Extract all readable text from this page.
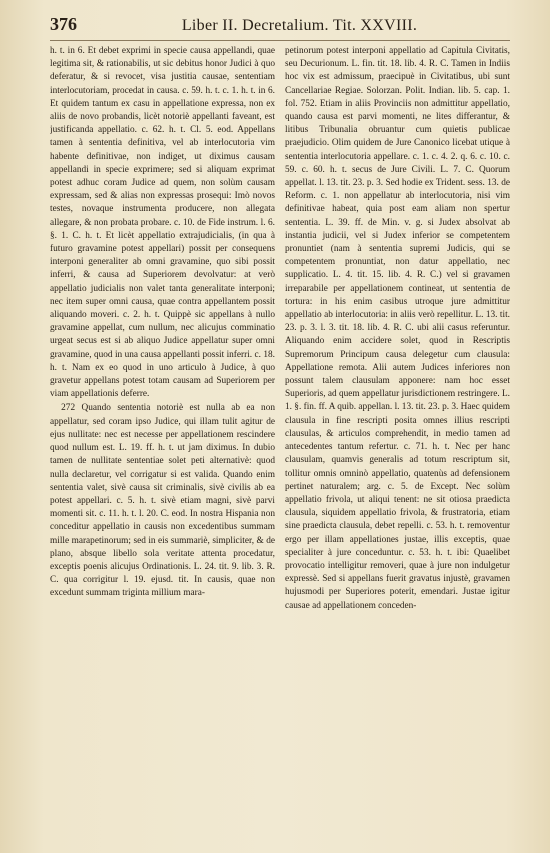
376	Liber II. Decretalium. Tit. XXVIII.

h. t. in 6. Et debet exprimi in specie causa appellandi, quae legitima sit, & rationabilis, ut sic debitus honor Judici à quo deferatur, & si revocet, visa justitia causae, sententiam interlocutoriam, procedat in causa. c. 59. h. t. c. 1. h. t. in 6. Et quidem tantum ex casu in appellatione expressa, non ex aliis de novo probandis, licèt notoriè appellanti faveant, est justificanda appellatio. c. 62. h. t. Cl. 5. eod. Appellans tamen à sententia definitiva, vel ab interlocutoria vim habente definitivae, non indiget, ut diximus causam appellandi in specie exprimere; sed si aliquam exprimat potest adhuc coram Judice ad quem, non solùm causam expressam, sed & alias non expressas prosequi: Imò novos testes, novaque instrumenta producere, non allegata allegare, & non probata probare. c. 10. de Fide instrum. l. 6. §. 1. C. h. t. Et licèt appellatio extrajudicialis, (in qua à futuro gravamine potest appellari) possit per consequens interponi generaliter ab omni gravamine, quo sibi possit inferri, & causa ad Superiorem devolvatur: at verò appellatio judicialis non valet tanta generalitate interponi; nec item super omni causa, quae contra appellantem possit aliquando moveri. c. 2. h. t. Quippè sic appellans à nullo gravamine appellat, cum nullum, nec alicujus comminatio urgeat secus est si ab aliquo Judice appellatur super omni gravamine, quod in una causa appellanti possit inferri. c. 18. h. t. Nam ex eo quod in uno articulo à Judice, à quo gravetur appellans potest totam causam ad Superiorem per viam appellationis deferre.

272 Quando sententia notoriè est nulla ab ea non appellatur, sed coram ipso Judice, qui illam tulit agitur de ejus nullitate: nec est necesse per appellationem rescindere quod nullum est. L. 19. ff. h. t. ut jam diximus. In dubio tamen de nullitate sententiae solet peti alternativè: quod nulla declaretur, vel corrigatur si est valida. Quando enim sententia valet, sivè causa sit criminalis, sivè civilis ab ea potest appellari. c. 5. h. t. sivè etiam magni, sivè parvi momenti sit. c. 11. h. t. l. 20. C. eod. In nostra Hispania non conceditur appellatio in causis non excedentibus summam mille marapetinorum; sed in eis summariè, simpliciter, & de plano, absque libello sola veritate attenta procedatur, exceptis poenis alicujus Ordinationis. L. 24. tit. 9. lib. 3. R. C. qua corrigitur l. 19. ejusd. tit. In causis, quae non excedunt summam triginta millium mara-

petinorum potest interponi appellatio ad Capitula Civitatis, seu Decurionum. L. fin. tit. 18. lib. 4. R. C. Tamen in Indiis hoc vix est admissum, praecipuè in Civitatibus, ubi sunt Cancellariae Regiae. Solorzan. Polit. Indian. lib. 5. cap. 1. fol. 752. Etiam in aliis Provinciis non admittitur appellatio, quando causa est parvi momenti, ne lites differantur, & litibus Tribunalia obruantur cum quietis publicae praejudicio. Olim quidem de Jure Canonico licebat utique à sententia interlocutoria appellare. c. 1. c. 4. 2. q. 6. c. 10. c. 59. c. 60. h. t. secus de Jure Civili. L. 7. C. Quorum appellat. l. 13. tit. 23. p. 3. Sed hodie ex Trident. sess. 13. de Reform. c. 1. non appellatur ab interlocutoria, nisi vim definitivae habeat, quia post eam aliam non spertur sententia. L. 39. ff. de Min. v. g. si Judex absolvat ab instantia judicii, vel si Judex inferior se competentem pronuntiet (nam à sententia supremi Judicis, qui se competentem pronuntiat, non datur appellatio, nec supplicatio. L. 4. tit. 15. lib. 4. R. C.) vel si gravamen irreparabile per appellationem contineat, ut sententia de tortura: in his enim casibus utroque jure admittitur appellatio ab interlocutoria: in aliis verò repellitur. L. 13. tit. 23. p. 3. l. 3. tit. 18. lib. 4. R. C. ubi alii casus referuntur. Aliquando enim accidere solet, quod in Rescriptis Supremorum Principum causa delegetur cum clausula: Appellatione remota. Alii autem Judices inferiores non possunt talem clausulam apponere: nam hoc esset Superioris, ad quem appellatur jurisdictionem restringere. L. 1. §. fin. ff. A quib. appellan. l. 13. tit. 23. p. 3. Haec quidem clausula in fine rescripti posita omnes illius rescripti clausulas, & articulos comprehendit, in medio tamen ad antecedentes tantum refertur. c. 71. h. t. Nec per hanc clausulam, quamvis generalis ad totum rescriptum sit, tollitur omnis omninò appellatio, quatenùs ad defensionem pertinet naturalem; arg. c. 5. de Except. Nec solùm appellatio frivola, ut aliqui tenent: ne sit otiosa praedicta clausula, siquidem appellatio frivola, & frustratoria, etiam sine praedicta clausula, debet repelli. c. 53. h. t. removentur ergo per illam appellationes justae, illis exceptis, quae specialiter à jure conceduntur. c. 53. h. t. ibi: Quaelibet provocatio intelligitur removeri, quae à jure non indulgetur expressè. Sed si appellans fuerit gravatus injustè, gravamen hujusmodi per Superiores poterit, emendari. Justae igitur causae ad appellationem conceden-
